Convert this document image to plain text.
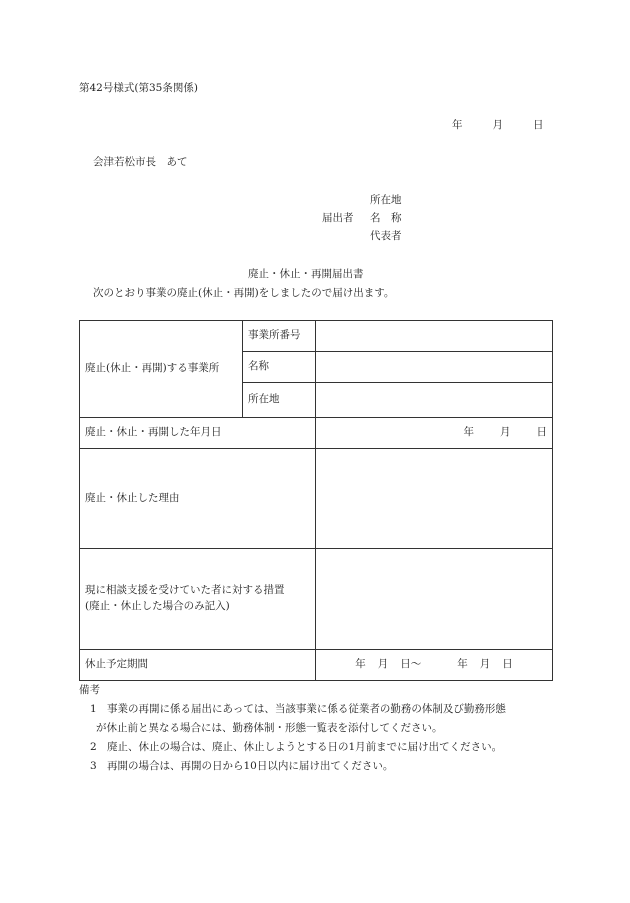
第42号様式(第35条関係)
年	月	日
会津若松市長　あて
所在地
届出者 名　称
代表者
廃止・休止・再開届出書
次のとおり事業の廃止(休止・再開)をしましたので届け出ます。
廃止(休止・再開)する事業所	事業所番号	
	名称	
	所在地	
廃止・休止・再開した年月日		年 月 日
廃止・休止した理由		

現に相談支援を受けていた者に対する措置
(廃止・休止した場合のみ記入)		

休止予定期間		年 月 日～ 年 月 日
備考
1 事業の再開に係る届出にあっては、当該事業に係る従業者の勤務の体制及び勤務形態
が休止前と異なる場合には、勤務体制・形態一覧表を添付してください。
2 廃止、休止の場合は、廃止、休止しようとする日の1月前までに届け出てください。
3 再開の場合は、再開の日から10日以内に届け出てください。
